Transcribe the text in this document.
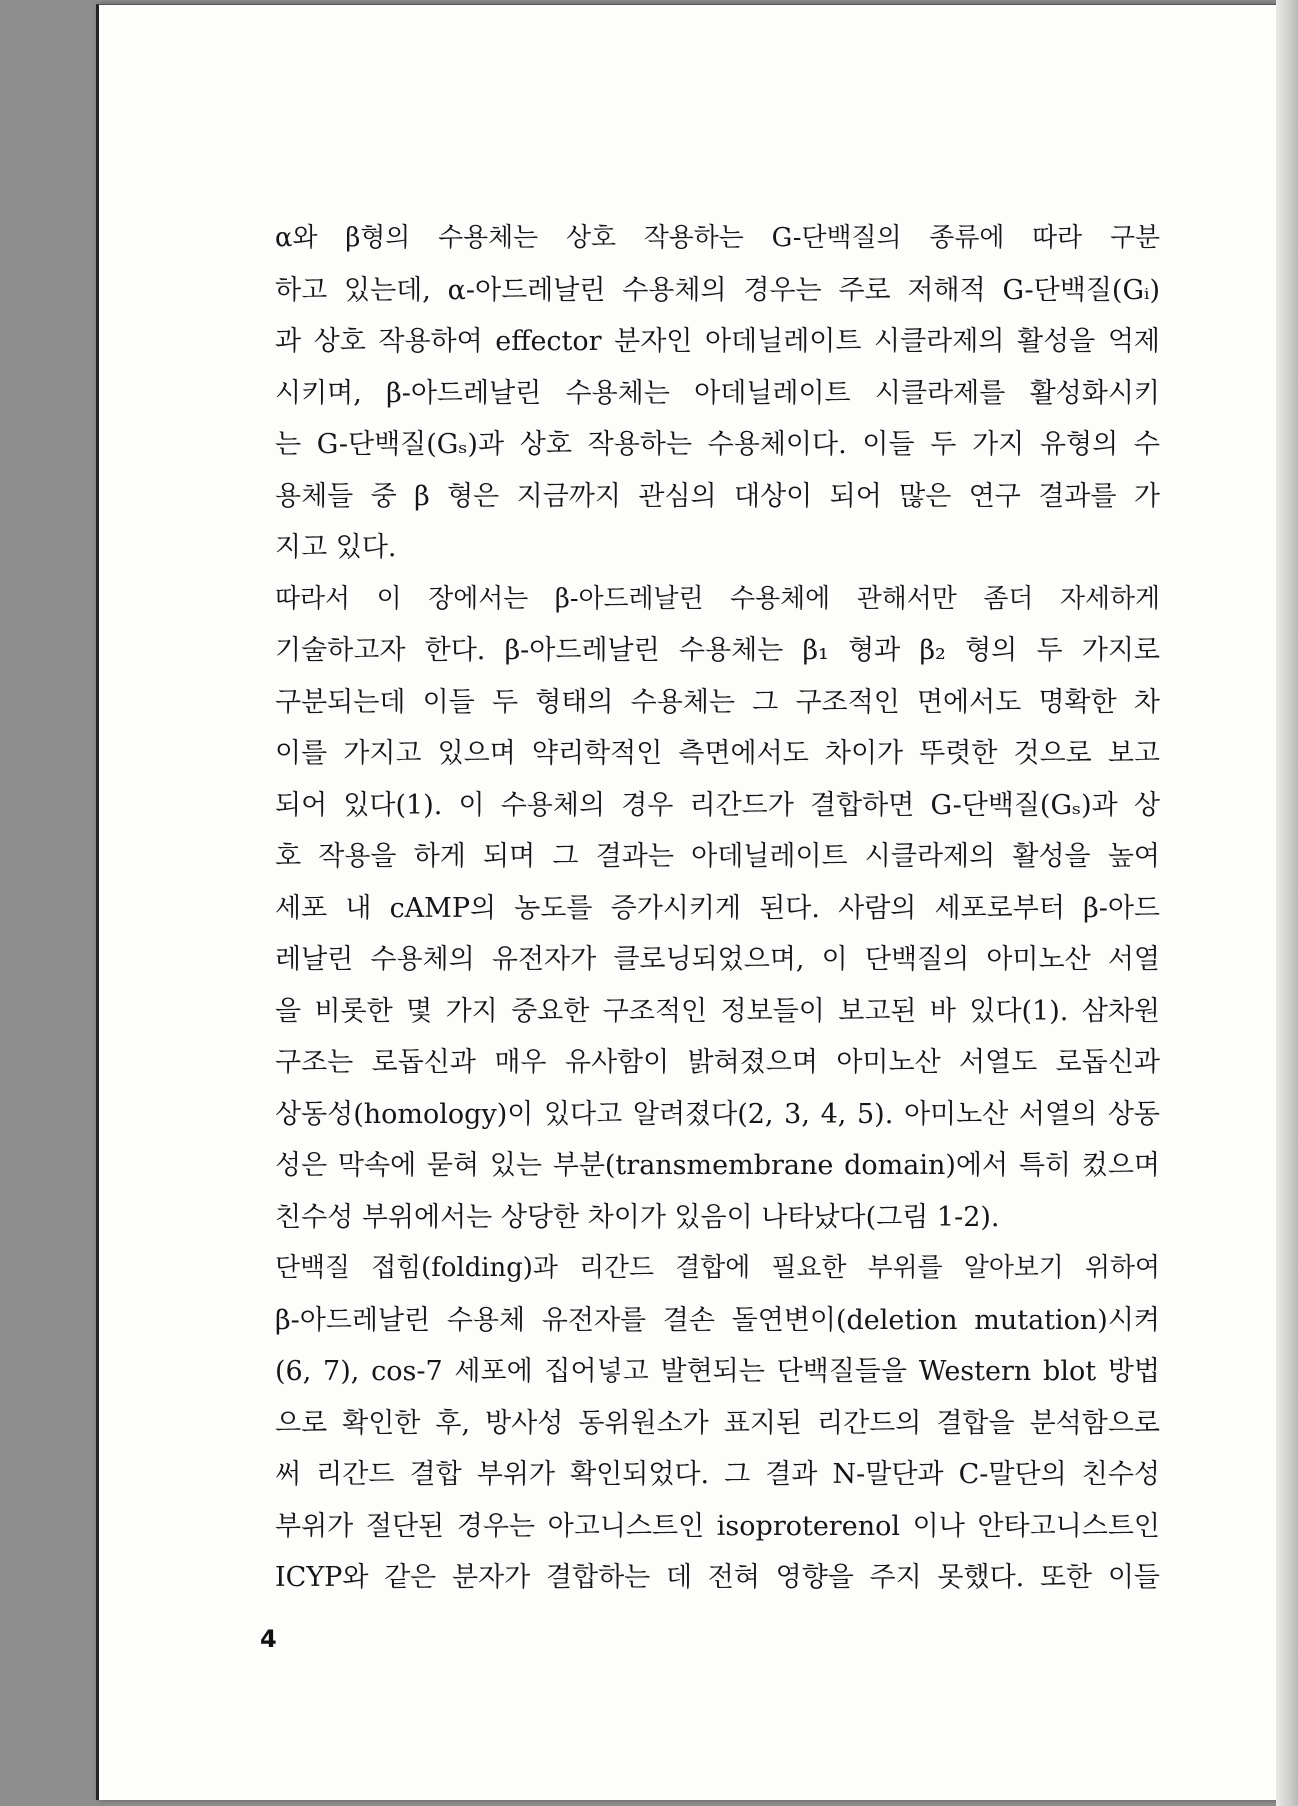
α와 β형의 수용체는 상호 작용하는 G-단백질의 종류에 따라 구분
하고 있는데, α-아드레날린 수용체의 경우는 주로 저해적 G-단백질(Gᵢ)
과 상호 작용하여 effector 분자인 아데닐레이트 시클라제의 활성을 억제
시키며, β-아드레날린 수용체는 아데닐레이트 시클라제를 활성화시키
는 G-단백질(Gₛ)과 상호 작용하는 수용체이다. 이들 두 가지 유형의 수
용체들 중 β 형은 지금까지 관심의 대상이 되어 많은 연구 결과를 가
지고 있다.

따라서 이 장에서는 β-아드레날린 수용체에 관해서만 좀더 자세하게
기술하고자 한다. β-아드레날린 수용체는 β₁ 형과 β₂ 형의 두 가지로
구분되는데 이들 두 형태의 수용체는 그 구조적인 면에서도 명확한 차
이를 가지고 있으며 약리학적인 측면에서도 차이가 뚜렷한 것으로 보고
되어 있다(1). 이 수용체의 경우 리간드가 결합하면 G-단백질(Gₛ)과 상
호 작용을 하게 되며 그 결과는 아데닐레이트 시클라제의 활성을 높여
세포 내 cAMP의 농도를 증가시키게 된다. 사람의 세포로부터 β-아드
레날린 수용체의 유전자가 클로닝되었으며, 이 단백질의 아미노산 서열
을 비롯한 몇 가지 중요한 구조적인 정보들이 보고된 바 있다(1). 삼차원
구조는 로돕신과 매우 유사함이 밝혀졌으며 아미노산 서열도 로돕신과
상동성(homology)이 있다고 알려졌다(2, 3, 4, 5). 아미노산 서열의 상동
성은 막속에 묻혀 있는 부분(transmembrane domain)에서 특히 컸으며
친수성 부위에서는 상당한 차이가 있음이 나타났다(그림 1-2).

단백질 접힘(folding)과 리간드 결합에 필요한 부위를 알아보기 위하여
β-아드레날린 수용체 유전자를 결손 돌연변이(deletion mutation)시켜
(6, 7), cos-7 세포에 집어넣고 발현되는 단백질들을 Western blot 방법
으로 확인한 후, 방사성 동위원소가 표지된 리간드의 결합을 분석함으로
써 리간드 결합 부위가 확인되었다. 그 결과 N-말단과 C-말단의 친수성
부위가 절단된 경우는 아고니스트인 isoproterenol 이나 안타고니스트인
ICYP와 같은 분자가 결합하는 데 전혀 영향을 주지 못했다. 또한 이들

4
